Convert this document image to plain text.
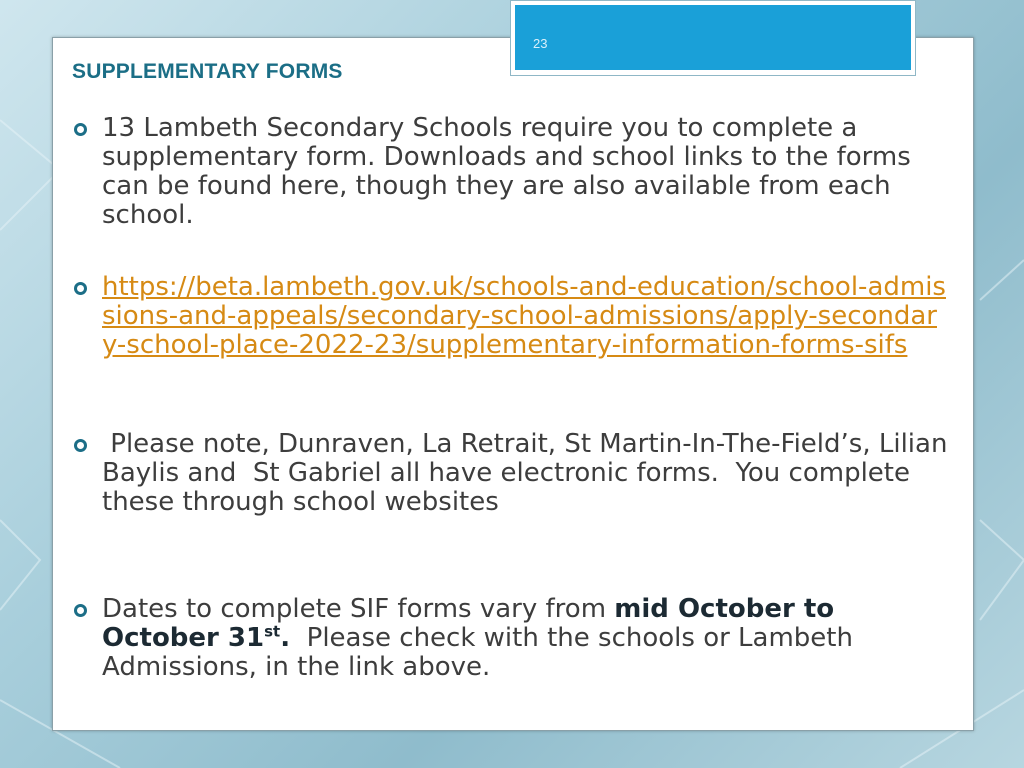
23
SUPPLEMENTARY FORMS
13 Lambeth Secondary Schools require you to complete a supplementary form. Downloads and school links to the forms can be found here, though they are also available from each school.
https://beta.lambeth.gov.uk/schools-and-education/school-admissions-and-appeals/secondary-school-admissions/apply-secondary-school-place-2022-23/supplementary-information-forms-sifs
Please note, Dunraven, La Retrait, St Martin-In-The-Field’s, Lilian Baylis and  St Gabriel all have electronic forms.  You complete these through school websites
Dates to complete SIF forms vary from mid October to October 31st.  Please check with the schools or Lambeth Admissions, in the link above.
